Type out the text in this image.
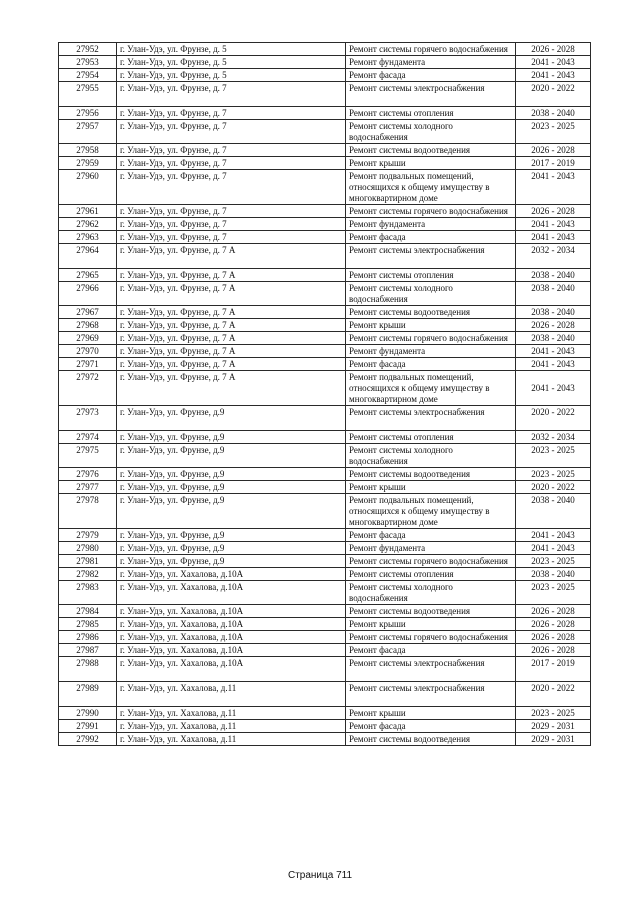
27952	г. Улан-Удэ, ул. Фрунзе, д. 5	Ремонт системы горячего водоснабжения	2026 - 2028
27953	г. Улан-Удэ, ул. Фрунзе, д. 5	Ремонт фундамента	2041 - 2043
27954	г. Улан-Удэ, ул. Фрунзе, д. 5	Ремонт фасада	2041 - 2043
27955	г. Улан-Удэ, ул. Фрунзе, д. 7	Ремонт системы электроснабжения	2020 - 2022
27956	г. Улан-Удэ, ул. Фрунзе, д. 7	Ремонт системы отопления	2038 - 2040
27957	г. Улан-Удэ, ул. Фрунзе, д. 7	Ремонт системы холодного водоснабжения	2023 - 2025
27958	г. Улан-Удэ, ул. Фрунзе, д. 7	Ремонт системы водоотведения	2026 - 2028
27959	г. Улан-Удэ, ул. Фрунзе, д. 7	Ремонт крыши	2017 - 2019
27960	г. Улан-Удэ, ул. Фрунзе, д. 7	Ремонт подвальных помещений, относящихся к общему имуществу в многоквартирном доме	2041 - 2043
27961	г. Улан-Удэ, ул. Фрунзе, д. 7	Ремонт системы горячего водоснабжения	2026 - 2028
27962	г. Улан-Удэ, ул. Фрунзе, д. 7	Ремонт фундамента	2041 - 2043
27963	г. Улан-Удэ, ул. Фрунзе, д. 7	Ремонт фасада	2041 - 2043
27964	г. Улан-Удэ, ул. Фрунзе, д. 7 А	Ремонт системы электроснабжения	2032 - 2034
27965	г. Улан-Удэ, ул. Фрунзе, д. 7 А	Ремонт системы отопления	2038 - 2040
27966	г. Улан-Удэ, ул. Фрунзе, д. 7 А	Ремонт системы холодного водоснабжения	2038 - 2040
27967	г. Улан-Удэ, ул. Фрунзе, д. 7 А	Ремонт системы водоотведения	2038 - 2040
27968	г. Улан-Удэ, ул. Фрунзе, д. 7 А	Ремонт крыши	2026 - 2028
27969	г. Улан-Удэ, ул. Фрунзе, д. 7 А	Ремонт системы горячего водоснабжения	2038 - 2040
27970	г. Улан-Удэ, ул. Фрунзе, д. 7 А	Ремонт фундамента	2041 - 2043
27971	г. Улан-Удэ, ул. Фрунзе, д. 7 А	Ремонт фасада	2041 - 2043
27972	г. Улан-Удэ, ул. Фрунзе, д. 7 А	Ремонт подвальных помещений, относящихся к общему имуществу в многоквартирном доме	2041 - 2043
27973	г. Улан-Удэ, ул. Фрунзе, д.9	Ремонт системы электроснабжения	2020 - 2022
27974	г. Улан-Удэ, ул. Фрунзе, д.9	Ремонт системы отопления	2032 - 2034
27975	г. Улан-Удэ, ул. Фрунзе, д.9	Ремонт системы холодного водоснабжения	2023 - 2025
27976	г. Улан-Удэ, ул. Фрунзе, д.9	Ремонт системы водоотведения	2023 - 2025
27977	г. Улан-Удэ, ул. Фрунзе, д.9	Ремонт крыши	2020 - 2022
27978	г. Улан-Удэ, ул. Фрунзе, д.9	Ремонт подвальных помещений, относящихся к общему имуществу в многоквартирном доме	2038 - 2040
27979	г. Улан-Удэ, ул. Фрунзе, д.9	Ремонт фасада	2041 - 2043
27980	г. Улан-Удэ, ул. Фрунзе, д.9	Ремонт фундамента	2041 - 2043
27981	г. Улан-Удэ, ул. Фрунзе, д.9	Ремонт системы горячего водоснабжения	2023 - 2025
27982	г. Улан-Удэ, ул. Хахалова, д.10А	Ремонт системы отопления	2038 - 2040
27983	г. Улан-Удэ, ул. Хахалова, д.10А	Ремонт системы холодного водоснабжения	2023 - 2025
27984	г. Улан-Удэ, ул. Хахалова, д.10А	Ремонт системы водоотведения	2026 - 2028
27985	г. Улан-Удэ, ул. Хахалова, д.10А	Ремонт крыши	2026 - 2028
27986	г. Улан-Удэ, ул. Хахалова, д.10А	Ремонт системы горячего водоснабжения	2026 - 2028
27987	г. Улан-Удэ, ул. Хахалова, д.10А	Ремонт фасада	2026 - 2028
27988	г. Улан-Удэ, ул. Хахалова, д.10А	Ремонт системы электроснабжения	2017 - 2019
27989	г. Улан-Удэ, ул. Хахалова, д.11	Ремонт системы электроснабжения	2020 - 2022
27990	г. Улан-Удэ, ул. Хахалова, д.11	Ремонт крыши	2023 - 2025
27991	г. Улан-Удэ, ул. Хахалова, д.11	Ремонт фасада	2029 - 2031
27992	г. Улан-Удэ, ул. Хахалова, д.11	Ремонт системы водоотведения	2029 - 2031
Страница 711
